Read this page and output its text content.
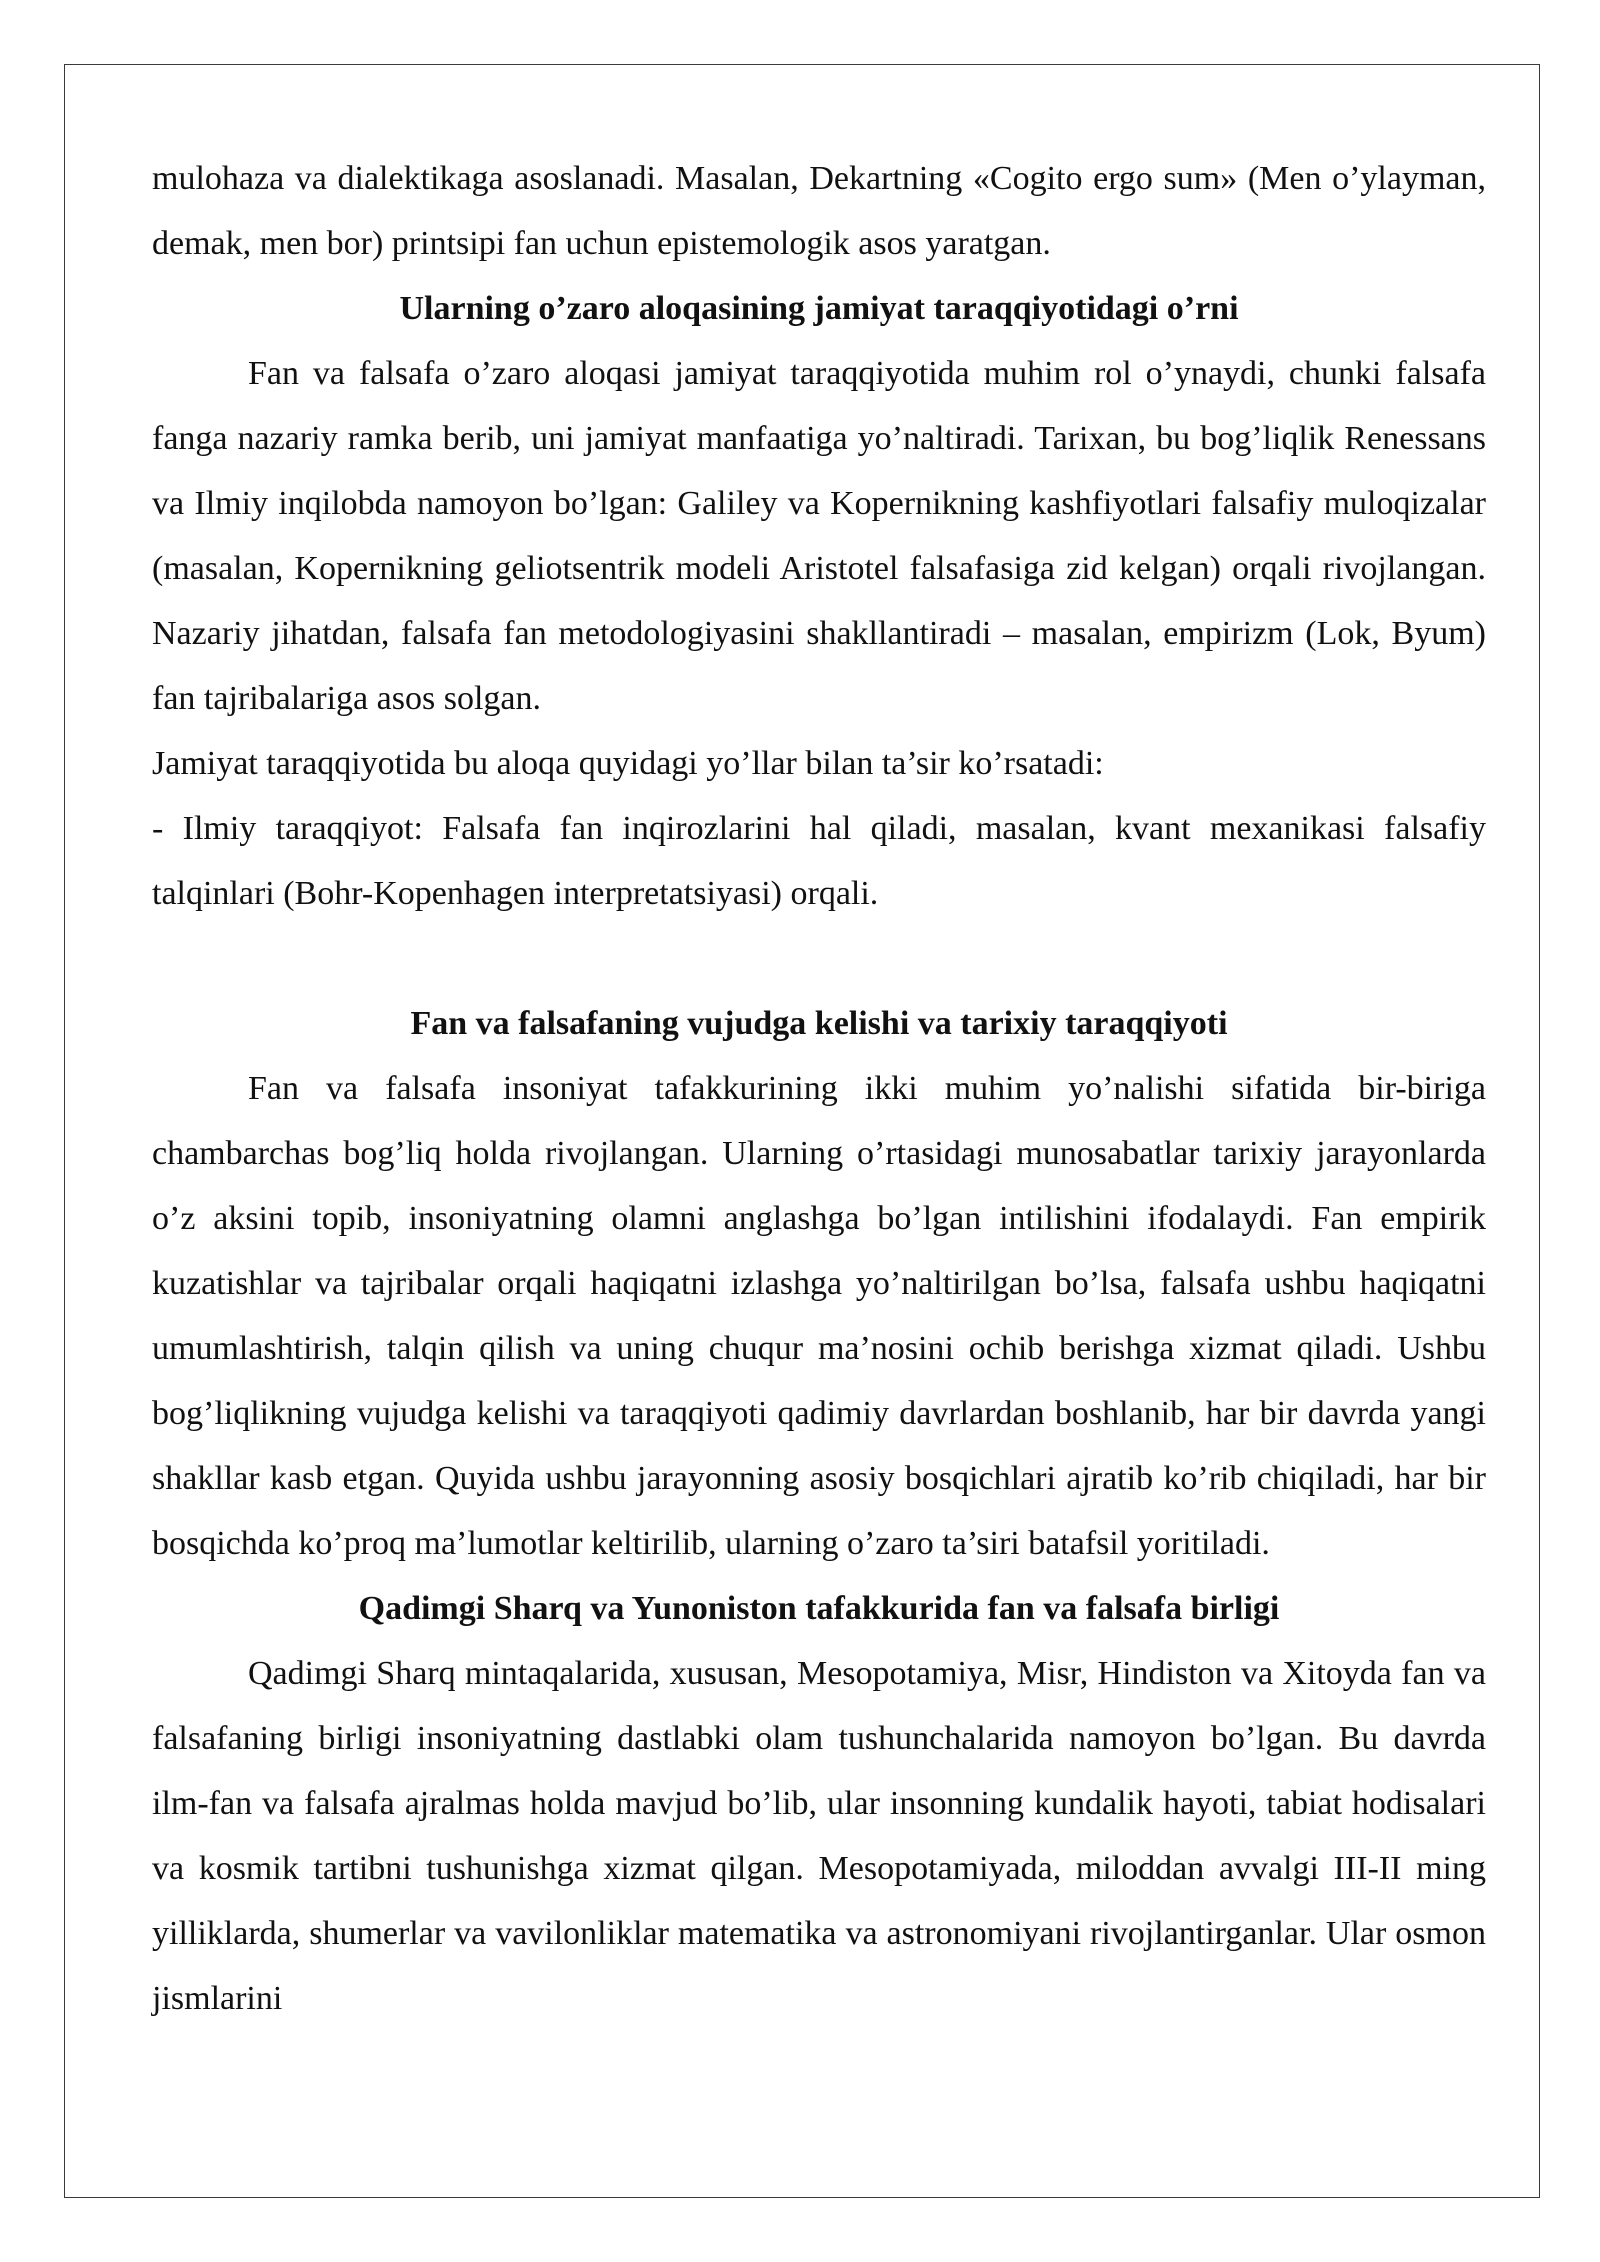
mulohaza va dialektikaga asoslanadi. Masalan, Dekartning «Cogito ergo sum» (Men o’ylayman, demak, men bor) printsipi fan uchun epistemologik asos yaratgan.

Ularning o’zaro aloqasining jamiyat taraqqiyotidagi o’rni

Fan va falsafa o’zaro aloqasi jamiyat taraqqiyotida muhim rol o’ynaydi, chunki falsafa fanga nazariy ramka berib, uni jamiyat manfaatiga yo’naltiradi. Tarixan, bu bog’liqlik Renessans va Ilmiy inqilobda namoyon bo’lgan: Galiley va Kopernikning kashfiyotlari falsafiy muloqizalar (masalan, Kopernikning geliotsentrik modeli Aristotel falsafasiga zid kelgan) orqali rivojlangan. Nazariy jihatdan, falsafa fan metodologiyasini shakllantiradi – masalan, empirizm (Lok, Byum) fan tajribalariga asos solgan.

Jamiyat taraqqiyotida bu aloqa quyidagi yo’llar bilan ta’sir ko’rsatadi:

- Ilmiy taraqqiyot: Falsafa fan inqirozlarini hal qiladi, masalan, kvant mexanikasi falsafiy talqinlari (Bohr-Kopenhagen interpretatsiyasi) orqali.

Fan va falsafaning vujudga kelishi va tarixiy taraqqiyoti

Fan va falsafa insoniyat tafakkurining ikki muhim yo’nalishi sifatida bir-biriga chambarchas bog’liq holda rivojlangan. Ularning o’rtasidagi munosabatlar tarixiy jarayonlarda o’z aksini topib, insoniyatning olamni anglashga bo’lgan intilishini ifodalaydi. Fan empirik kuzatishlar va tajribalar orqali haqiqatni izlashga yo’naltirilgan bo’lsa, falsafa ushbu haqiqatni umumlashtirish, talqin qilish va uning chuqur ma’nosini ochib berishga xizmat qiladi. Ushbu bog’liqlikning vujudga kelishi va taraqqiyoti qadimiy davrlardan boshlanib, har bir davrda yangi shakllar kasb etgan. Quyida ushbu jarayonning asosiy bosqichlari ajratib ko’rib chiqiladi, har bir bosqichda ko’proq ma’lumotlar keltirilib, ularning o’zaro ta’siri batafsil yoritiladi.

Qadimgi Sharq va Yunoniston tafakkurida fan va falsafa birligi

Qadimgi Sharq mintaqalarida, xususan, Mesopotamiya, Misr, Hindiston va Xitoyda fan va falsafaning birligi insoniyatning dastlabki olam tushunchalarida namoyon bo’lgan. Bu davrda ilm-fan va falsafa ajralmas holda mavjud bo’lib, ular insonning kundalik hayoti, tabiat hodisalari va kosmik tartibni tushunishga xizmat qilgan. Mesopotamiyada, miloddan avvalgi III-II ming yilliklarda, shumerlar va vavilonliklar matematika va astronomiyani rivojlantirganlar. Ular osmon jismlarini
